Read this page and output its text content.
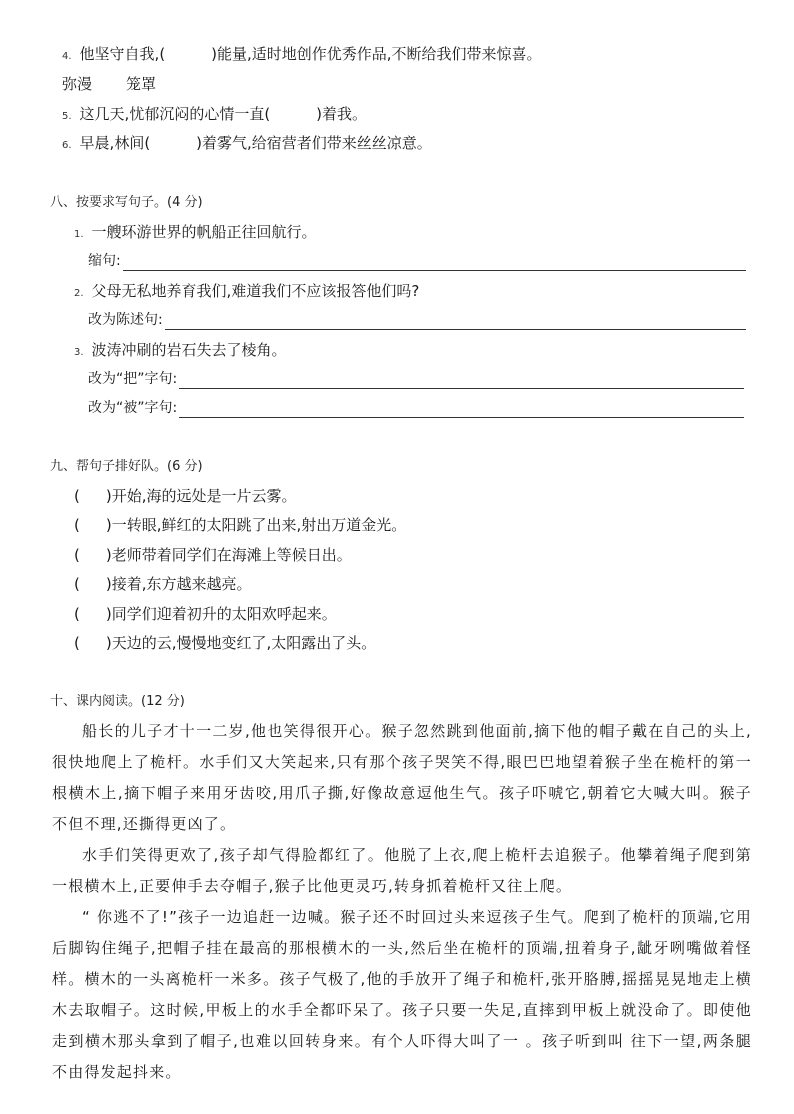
4. 他坚守自我,(	)能量,适时地创作优秀作品,不断给我们带来惊喜。
弥漫 笼罩
5. 这几天,忧郁沉闷的心情一直(	)着我。
6. 早晨,林间(	)着雾气,给宿营者们带来丝丝凉意。
八、按要求写句子。(4 分)
1. 一艘环游世界的帆船正往回航行。
缩句:
2. 父母无私地养育我们,难道我们不应该报答他们吗?
改为陈述句:
3. 波涛冲刷的岩石失去了棱角。
改为“把”字句:
改为“被”字句:
九、帮句子排好队。(6 分)
( )开始,海的远处是一片云雾。
( )一转眼,鲜红的太阳跳了出来,射出万道金光。
( )老师带着同学们在海滩上等候日出。
( )接着,东方越来越亮。
( )同学们迎着初升的太阳欢呼起来。
( )天边的云,慢慢地变红了,太阳露出了头。
十、课内阅读。(12 分)

船长的儿子才十一二岁,他也笑得很开心。猴子忽然跳到他面前,摘下他的帽子戴在自己的头上,很快地爬上了桅杆。水手们又大笑起来,只有那个孩子哭笑不得,眼巴巴地望着猴子坐在桅杆的第一根横木上,摘下帽子来用牙齿咬,用爪子撕,好像故意逗他生气。孩子吓唬它,朝着它大喊大叫。猴子不但不理,还撕得更凶了。

水手们笑得更欢了,孩子却气得脸都红了。他脱了上衣,爬上桅杆去追猴子。他攀着绳子爬到第一根横木上,正要伸手去夺帽子,猴子比他更灵巧,转身抓着桅杆又往上爬。

“ 你逃不了!”孩子一边追赶一边喊。猴子还不时回过头来逗孩子生气。爬到了桅杆的顶端,它用后脚钩住绳子,把帽子挂在最高的那根横木的一头,然后坐在桅杆的顶端,扭着身子,龇牙咧嘴做着怪样。横木的一头离桅杆一米多。孩子气极了,他的手放开了绳子和桅杆,张开胳膊,摇摇晃晃地走上横木去取帽子。这时候,甲板上的水手全都吓呆了。孩子只要一失足,直摔到甲板上就没命了。即使他走到横木那头拿到了帽子,也难以回转身来。有个人吓得大叫了一 。孩子听到叫 往下一望,两条腿不由得发起抖来。
